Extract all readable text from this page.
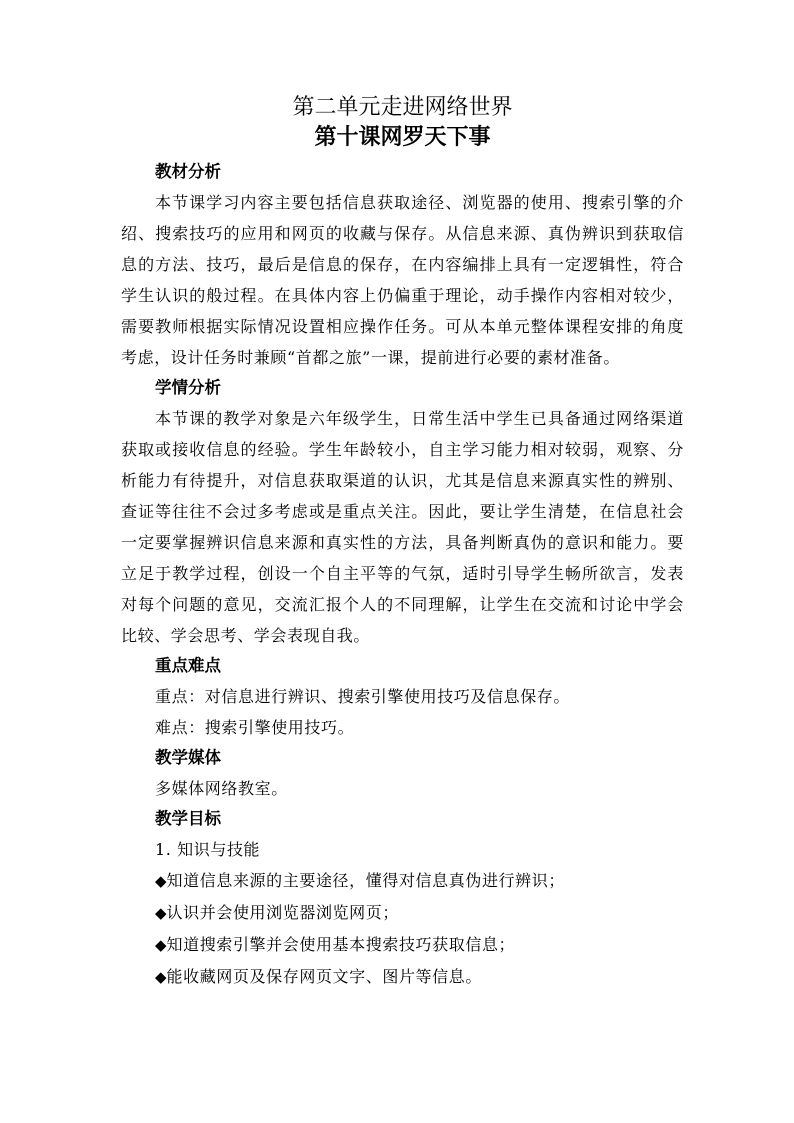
第二单元走进网络世界
第十课网罗天下事

教材分析

本节课学习内容主要包括信息获取途径、浏览器的使用、搜索引擎的介绍、搜索技巧的应用和网页的收藏与保存。从信息来源、真伪辨识到获取信息的方法、技巧，最后是信息的保存，在内容编排上具有一定逻辑性，符合学生认识的般过程。在具体内容上仍偏重于理论，动手操作内容相对较少，需要教师根据实际情况设置相应操作任务。可从本单元整体课程安排的角度考虑，设计任务时兼顾“首都之旅”一课，提前进行必要的素材准备。

学情分析

本节课的教学对象是六年级学生，日常生活中学生已具备通过网络渠道获取或接收信息的经验。学生年龄较小，自主学习能力相对较弱，观察、分析能力有待提升，对信息获取渠道的认识，尤其是信息来源真实性的辨别、查证等往往不会过多考虑或是重点关注。因此，要让学生清楚，在信息社会一定要掌握辨识信息来源和真实性的方法，具备判断真伪的意识和能力。要立足于教学过程，创设一个自主平等的气氛，适时引导学生畅所欲言，发表对每个问题的意见，交流汇报个人的不同理解，让学生在交流和讨论中学会比较、学会思考、学会表现自我。

重点难点

重点：对信息进行辨识、搜索引擎使用技巧及信息保存。

难点：搜索引擎使用技巧。

教学媒体

多媒体网络教室。

教学目标

1. 知识与技能

◆知道信息来源的主要途径，懂得对信息真伪进行辨识；

◆认识并会使用浏览器浏览网页；

◆知道搜索引擎并会使用基本搜索技巧获取信息；

◆能收藏网页及保存网页文字、图片等信息。
